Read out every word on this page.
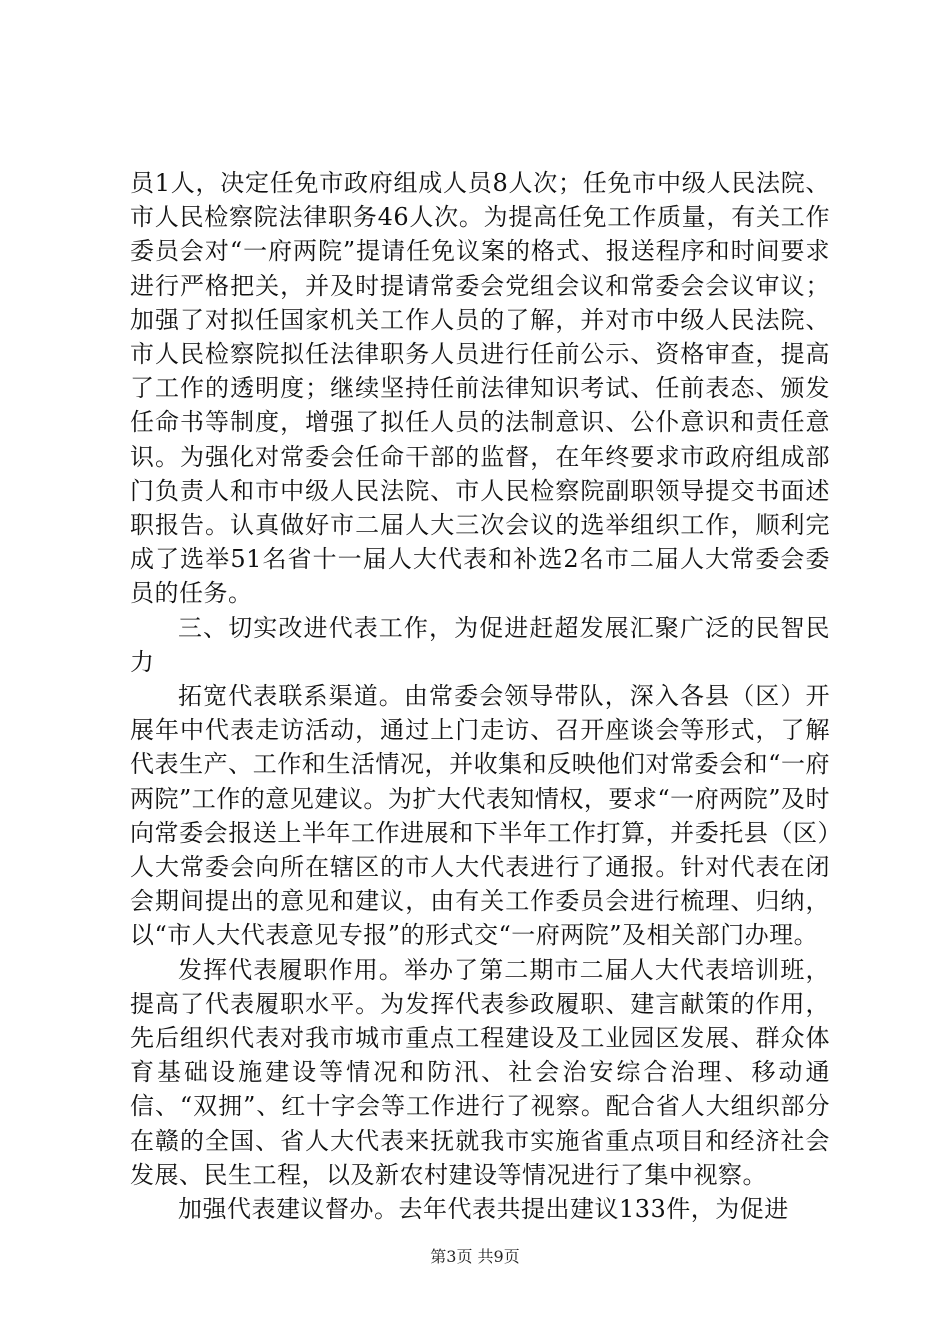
员1人，决定任免市政府组成人员8人次；任免市中级人民法院、市人民检察院法律职务46人次。为提高任免工作质量，有关工作委员会对“一府两院”提请任免议案的格式、报送程序和时间要求进行严格把关，并及时提请常委会党组会议和常委会会议审议；加强了对拟任国家机关工作人员的了解，并对市中级人民法院、市人民检察院拟任法律职务人员进行任前公示、资格审查，提高了工作的透明度；继续坚持任前法律知识考试、任前表态、颁发任命书等制度，增强了拟任人员的法制意识、公仆意识和责任意识。为强化对常委会任命干部的监督，在年终要求市政府组成部门负责人和市中级人民法院、市人民检察院副职领导提交书面述职报告。认真做好市二届人大三次会议的选举组织工作，顺利完成了选举51名省十一届人大代表和补选2名市二届人大常委会委员的任务。

三、切实改进代表工作，为促进赶超发展汇聚广泛的民智民力

拓宽代表联系渠道。由常委会领导带队，深入各县（区）开展年中代表走访活动，通过上门走访、召开座谈会等形式，了解代表生产、工作和生活情况，并收集和反映他们对常委会和“一府两院”工作的意见建议。为扩大代表知情权，要求“一府两院”及时向常委会报送上半年工作进展和下半年工作打算，并委托县（区）人大常委会向所在辖区的市人大代表进行了通报。针对代表在闭会期间提出的意见和建议，由有关工作委员会进行梳理、归纳，以“市人大代表意见专报”的形式交“一府两院”及相关部门办理。

发挥代表履职作用。举办了第二期市二届人大代表培训班，提高了代表履职水平。为发挥代表参政履职、建言献策的作用，先后组织代表对我市城市重点工程建设及工业园区发展、群众体育基础设施建设等情况和防汛、社会治安综合治理、移动通信、“双拥”、红十字会等工作进行了视察。配合省人大组织部分在赣的全国、省人大代表来抚就我市实施省重点项目和经济社会发展、民生工程，以及新农村建设等情况进行了集中视察。

加强代表建议督办。去年代表共提出建议133件，为促进

第3页 共9页
